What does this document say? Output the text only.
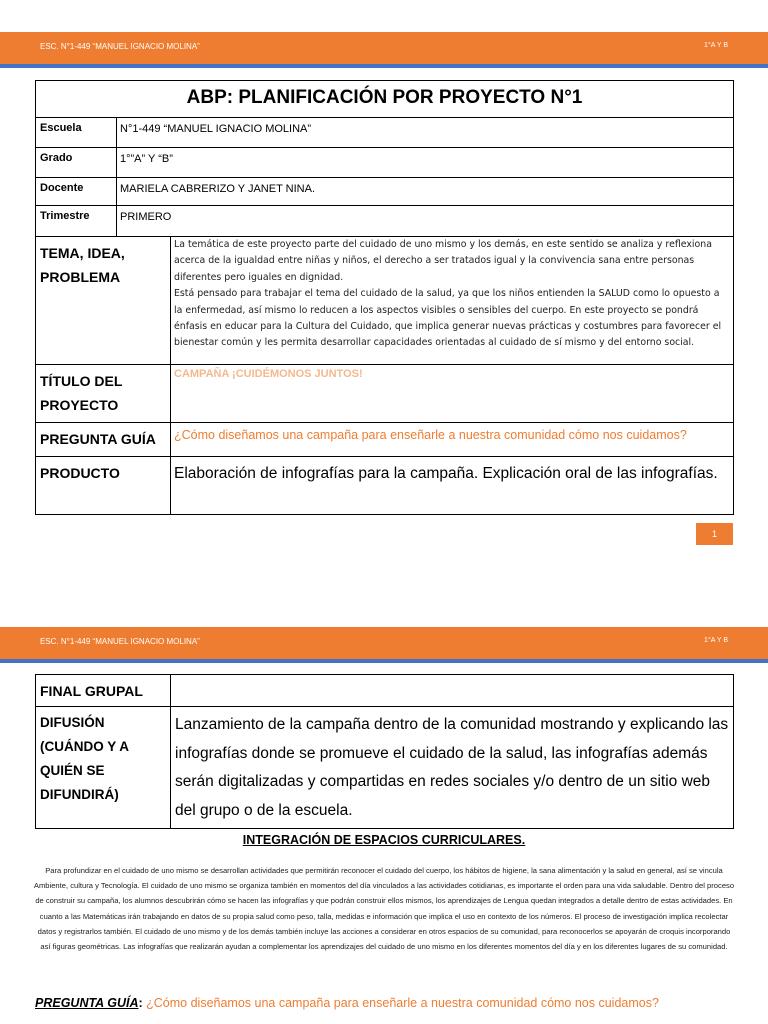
ESC. N°1-449 “MANUEL IGNACIO MOLINA”	1°A Y B
ABP: PLANIFICACIÓN POR PROYECTO N°1		
Escuela	N°1-449 “MANUEL IGNACIO MOLINA”	
Grado	1°”A” Y “B”	
Docente	MARIELA CABRERIZO Y JANET NINA.	
Trimestre	PRIMERO	
TEMA, IDEA, PROBLEMA		La temática de este proyecto parte del cuidado de uno mismo y los demás, en este sentido se analiza y reflexiona acerca de la igualdad entre niñas y niños, el derecho a ser tratados igual y la convivencia sana entre personas diferentes pero iguales en dignidad.

Está pensado para trabajar el tema del cuidado de la salud, ya que los niños entienden la SALUD como lo opuesto a la enfermedad, así mismo lo reducen a los aspectos visibles o sensibles del cuerpo. En este proyecto se pondrá énfasis en educar para la Cultura del Cuidado, que implica generar nuevas prácticas y costumbres para favorecer el bienestar común y les permita desarrollar capacidades orientadas al cuidado de sí mismo y del entorno social.

TÍTULO DEL PROYECTO		CAMPAÑA ¡CUIDÉMONOS JUNTOS!
PREGUNTA GUÍA		¿Cómo diseñamos una campaña para enseñarle a nuestra comunidad cómo nos cuidamos?
PRODUCTO		Elaboración de infografías para la campaña. Explicación oral de las infografías.
1
ESC. N°1-449 “MANUEL IGNACIO MOLINA”	1°A Y B
FINAL GRUPAL	
DIFUSIÓN (CUÁNDO Y A QUIÉN SE DIFUNDIRÁ)	Lanzamiento de la campaña dentro de la comunidad mostrando y explicando las infografías donde se promueve el cuidado de la salud, las infografías además serán digitalizadas y compartidas en redes sociales y/o dentro de un sitio web del grupo o de la escuela.
INTEGRACIÓN DE ESPACIOS CURRICULARES.

Para profundizar en el cuidado de uno mismo se desarrollan actividades que permitirán reconocer el cuidado del cuerpo, los hábitos de higiene, la sana alimentación y la salud en general, así se vincula Ambiente, cultura y Tecnología. El cuidado de uno mismo se organiza también en momentos del día vinculados a las actividades cotidianas, es importante el orden para una vida saludable. Dentro del proceso de construir su campaña, los alumnos descubrirán cómo se hacen las infografías y que podrán construir ellos mismos, los aprendizajes de Lengua quedan integrados a detalle dentro de estas actividades. En cuanto a las Matemáticas irán trabajando en datos de su propia salud como peso, talla, medidas e información que implica el uso en contexto de los números. El proceso de investigación implica recolectar datos y registrarlos también. El cuidado de uno mismo y de los demás también incluye las acciones a considerar en otros espacios de su comunidad, para reconocerlos se apoyarán de croquis incorporando así figuras geométricas. Las infografías que realizarán ayudan a complementar los aprendizajes del cuidado de uno mismo en los diferentes momentos del día y en los diferentes lugares de su comunidad.

PREGUNTA GUÍA: ¿Cómo diseñamos una campaña para enseñarle a nuestra comunidad cómo nos cuidamos?
